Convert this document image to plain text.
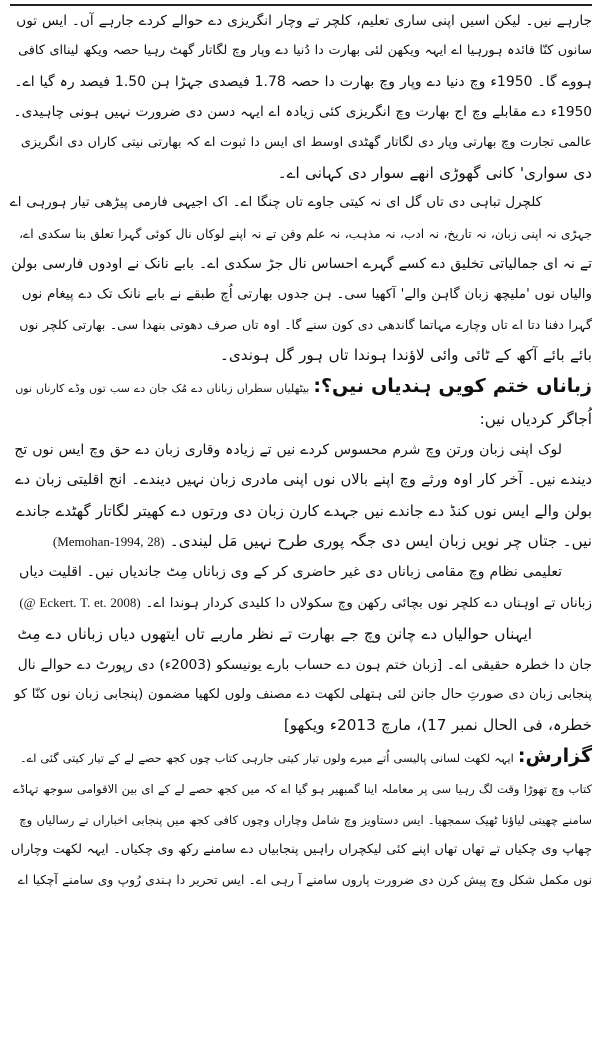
جارہے نیں۔ لیکن اسیں اپنی ساری تعلیم، کلچر تے وچار انگریزی دے حوالے کردے جارہے آں۔ ایس توں
سانوں کنّا فائدہ ہورہیا اے ایہہ ویکھن لئی بھارت دا دُنیا دے وپار وچ لگاتار گھٹ رہیا حصہ ویکھ لیناای کافی
ہووے گا۔ 1950ء وچ دنیا دے وپار وچ بھارت دا حصہ 1.78 فیصدی جہڑا ہن 1.50 فیصد رہ گیا اے۔
1950ء دے مقابلے وچ اج بھارت وچ انگریزی کئی زیادہ اے ایہہ دسن دی ضرورت نہیں ہونی چاہیدی۔
عالمی تجارت وچ بھارتی وپار دی لگاتار گھٹدی اوسط ای ایس دا ثبوت اے کہ بھارتی نیتی کاراں دی انگریزی
دی سواری' کانی گھوڑی انھے سوار دی کہانی اے۔

کلچرل تباہی دی تاں گل ای نہ کیتی جاوے تاں چنگا اے۔ اک اجیہی فارمی پیڑھی تیار ہورہی اے
جہڑی نہ اپنی زبان، نہ تاریخ، نہ ادب، نہ مذہب، نہ علم وفن تے نہ اپنے لوکاں نال کوئی گہرا تعلق بنا سکدی اے،
تے نہ ای جمالیاتی تخلیق دے کسے گہرے احساس نال جڑ سکدی اے۔ بابے نانک نے اودوں فارسی بولن
والیاں نوں 'ملیچھ زبان گاہن والے' آکھیا سی۔ ہن جدوں بھارتی اُچ طبقے نے بابے نانک تک دے پیغام نوں
گہرا دفنا دتا اے تاں وچارے مہاتما گاندھی دی کون سنے گا۔ اوہ تاں صرف دھوتی بنھدا سی۔ بھارتی کلچر نوں
بائے بائے آکھ کے ٹائی وائی لاؤندا ہوندا تاں ہور گل ہوندی۔

زباناں ختم کویں ہندیاں نیں؟: بیٹھلیاں سطراں زباناں دے مُک جان دے سب توں وڈے کارناں نوں
اُجاگر کردیاں نیں:

لوک اپنی زبان ورتن وچ شرم محسوس کردے نیں تے زیادہ وقاری زبان دے حق وچ ایس نوں تج
دیندے نیں۔ آخر کار اوہ ورثے وچ اپنے بالاں نوں اپنی مادری زبان نہیں دیندے۔ انج اقلیتی زبان دے
بولن والے ایس نوں کنڈ دے جاندے نیں جہدے کارن زبان دی ورتوں دے کھیتر لگاتار گھٹدے جاندے
نیں۔ جتاں چر نویں زبان ایس دی جگہ پوری طرح نہیں مَل لیندی۔ (Memohan-1994, 28)

تعلیمی نظام وچ مقامی زباناں دی غیر حاضری کر کے وی زباناں مِٹ جاندیاں نیں۔ اقلیت دیاں
زباناں تے اوہناں دے کلچر نوں بچائی رکھن وچ سکولاں دا کلیدی کردار ہوندا اے۔ (@ Eckert. T. et. 2008)

ایہناں حوالیاں دے چانن وچ جے بھارت تے نظر ماریے تاں ایتھوں دیاں زباناں دے مِٹ
جان دا خطرہ حقیقی اے۔ [زبان ختم ہون دے حساب بارے یونیسکو (2003ء) دی رپورٹ دے حوالے نال
پنجابی زبان دی صورتِ حال جانن لئی ہتھلی لکھت دے مصنف ولوں لکھیا مضمون (پنجابی زبان نوں کنّا کو
خطرہ، فی الحال نمبر 17)، مارچ 2013ء ویکھو]

گزارش: ایہہ لکھت لسانی پالیسی اُتے میرے ولوں تیار کیتی جارہی کتاب چوں کجھ حصے لے کے تیار کیتی گئی اے۔
کتاب وچ تھوڑا وقت لگ رہیا سی پر معاملہ اینا گمبھیر ہو گیا اے کہ میں کجھ حصے لے کے ای بین الاقوامی سوجھ تہاڈے
سامنے چھیتی لیاؤنا ٹھیک سمجھیا۔ ایس دستاویز وچ شامل وچاراں وچوں کافی کجھ میں پنجابی اخباراں تے رسالیاں وچ
چھاپ وی چکیاں تے تھاں تھاں اپنے کئی لیکچراں راہیں پنجابیاں دے سامنے رکھ وی چکیاں۔ ایہہ لکھت وچاراں
نوں مکمل شکل وچ پیش کرن دی ضرورت پاروں سامنے آ رہی اے۔ ایس تحریر دا ہندی رُوپ وی سامنے آچکیا اے
